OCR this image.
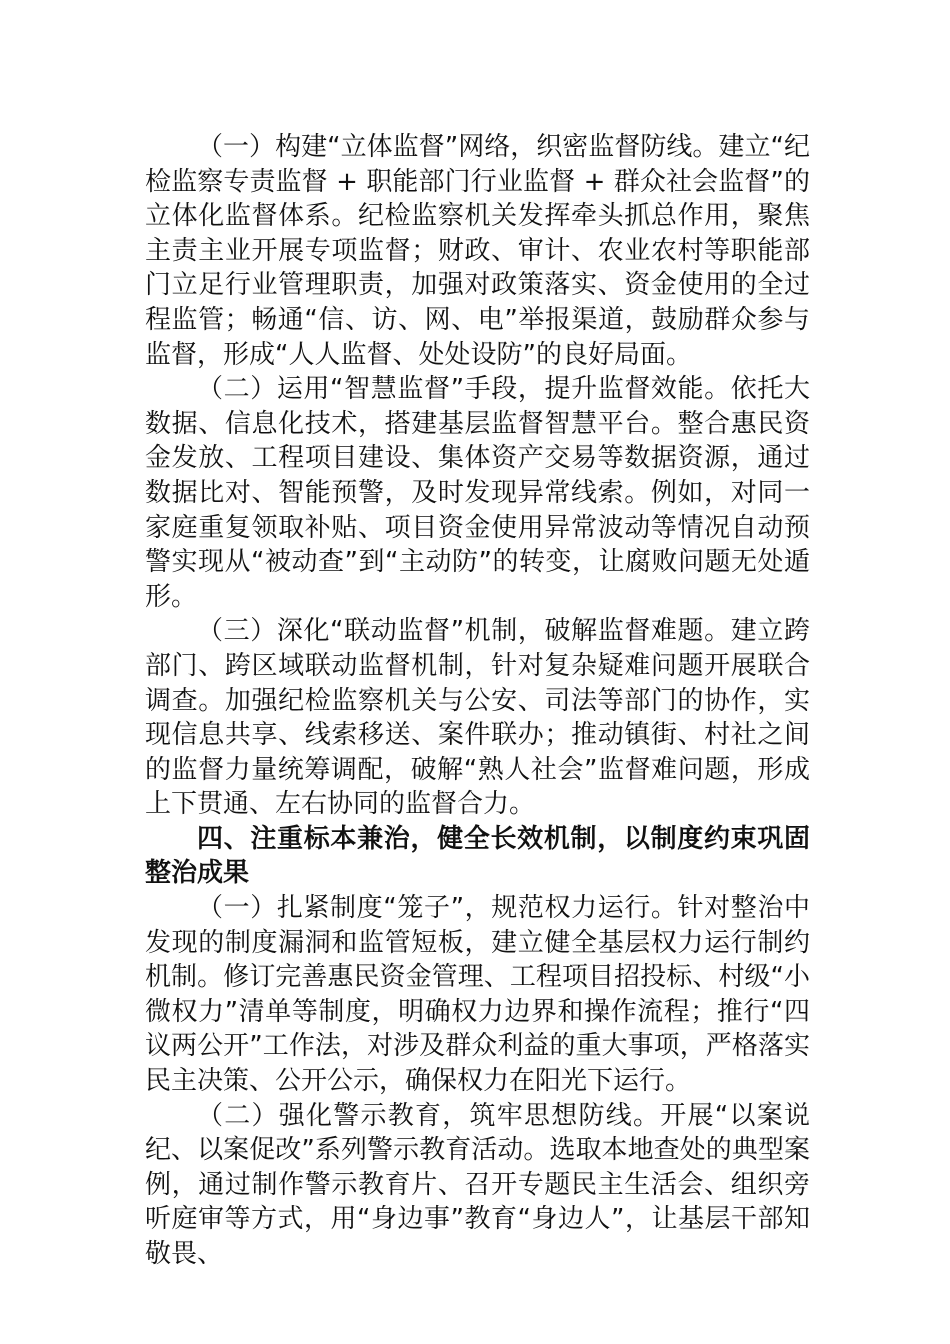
（一）构建“立体监督”网络，织密监督防线。建立“纪检监察专责监督 + 职能部门行业监督 + 群众社会监督”的立体化监督体系。纪检监察机关发挥牵头抓总作用，聚焦主责主业开展专项监督；财政、审计、农业农村等职能部门立足行业管理职责，加强对政策落实、资金使用的全过程监管；畅通“信、访、网、电”举报渠道，鼓励群众参与监督，形成“人人监督、处处设防”的良好局面。

（二）运用“智慧监督”手段，提升监督效能。依托大数据、信息化技术，搭建基层监督智慧平台。整合惠民资金发放、工程项目建设、集体资产交易等数据资源，通过数据比对、智能预警，及时发现异常线索。例如，对同一家庭重复领取补贴、项目资金使用异常波动等情况自动预警实现从“被动查”到“主动防”的转变，让腐败问题无处遁形。

（三）深化“联动监督”机制，破解监督难题。建立跨部门、跨区域联动监督机制，针对复杂疑难问题开展联合调查。加强纪检监察机关与公安、司法等部门的协作，实现信息共享、线索移送、案件联办；推动镇街、村社之间的监督力量统筹调配，破解“熟人社会”监督难问题，形成上下贯通、左右协同的监督合力。

四、注重标本兼治，健全长效机制，以制度约束巩固整治成果

（一）扎紧制度“笼子”，规范权力运行。针对整治中发现的制度漏洞和监管短板，建立健全基层权力运行制约机制。修订完善惠民资金管理、工程项目招投标、村级“小微权力”清单等制度，明确权力边界和操作流程；推行“四议两公开”工作法，对涉及群众利益的重大事项，严格落实民主决策、公开公示，确保权力在阳光下运行。

（二）强化警示教育，筑牢思想防线。开展“以案说纪、以案促改”系列警示教育活动。选取本地查处的典型案例，通过制作警示教育片、召开专题民主生活会、组织旁听庭审等方式，用“身边事”教育“身边人”，让基层干部知敬畏、
